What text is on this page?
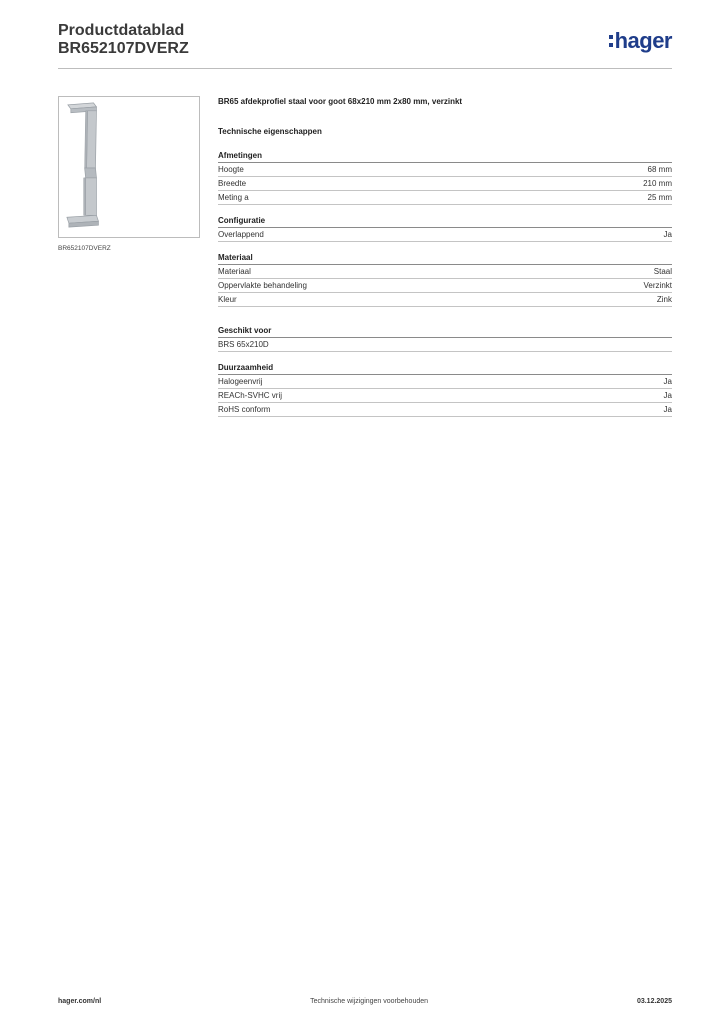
Productdatablad
BR652107DVERZ	hager
BR652107DVERZ

BR65 afdekprofiel staal voor goot 68x210 mm 2x80 mm, verzinkt

Technische eigenschappen

Afmetingen
Hoogte	68 mm
Breedte	210 mm
Meting a	25 mm
Configuratie
Overlappend	Ja
Materiaal
Materiaal	Staal
Oppervlakte behandeling	Verzinkt
Kleur	Zink
Geschikt voor
BRS 65x210D
Duurzaamheid
Halogeenvrij	Ja
REACh-SVHC vrij	Ja
RoHS conform	Ja
hager.com/nl	Technische wijzigingen voorbehouden	03.12.2025
